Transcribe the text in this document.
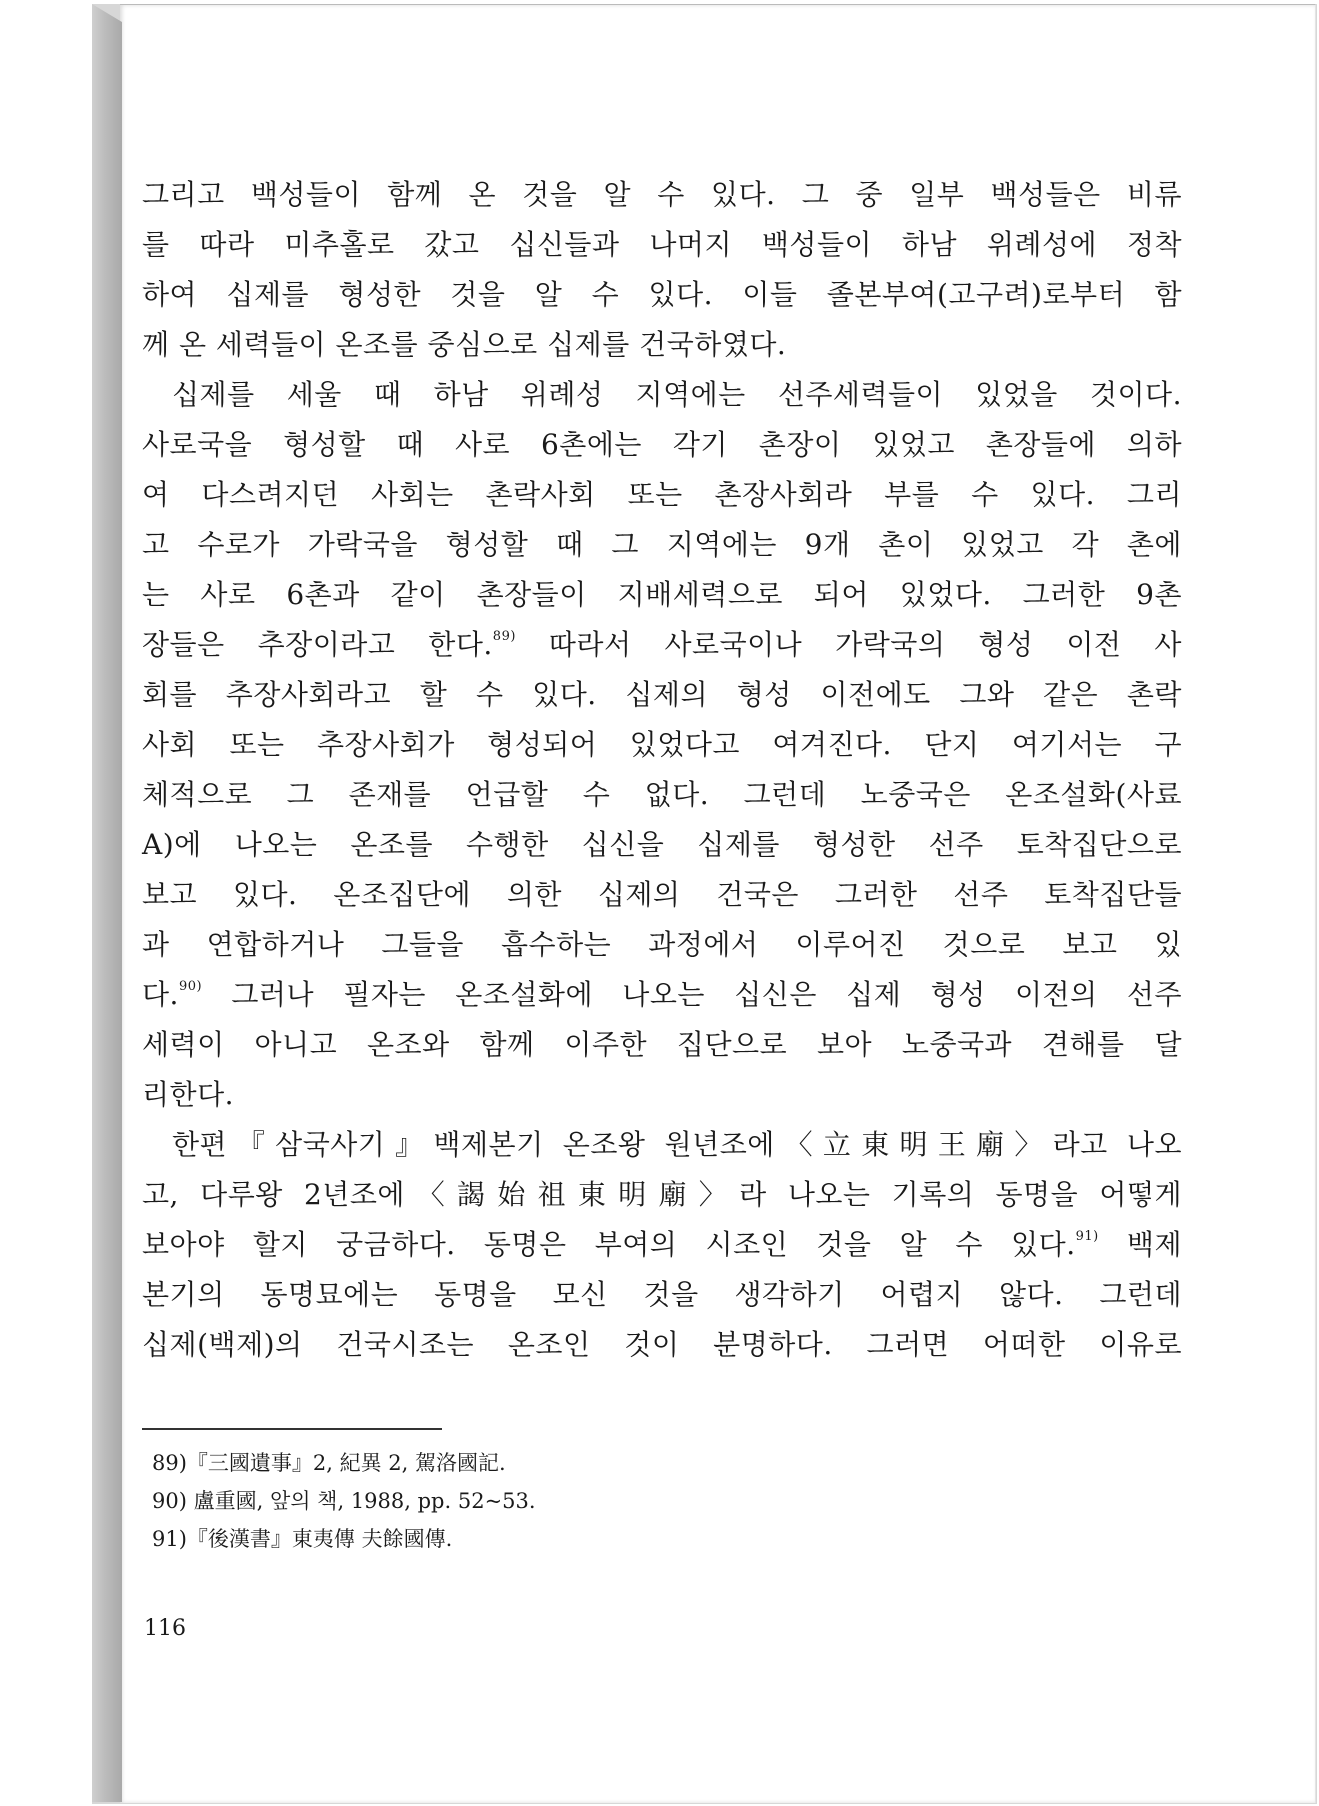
그리고 백성들이 함께 온 것을 알 수 있다. 그 중 일부 백성들은 비류
를 따라 미추홀로 갔고 십신들과 나머지 백성들이 하남 위례성에 정착
하여 십제를 형성한 것을 알 수 있다. 이들 졸본부여(고구려)로부터 함
께 온 세력들이 온조를 중심으로 십제를 건국하였다.

십제를 세울 때 하남 위례성 지역에는 선주세력들이 있었을 것이다.
사로국을 형성할 때 사로 6촌에는 각기 촌장이 있었고 촌장들에 의하
여 다스려지던 사회는 촌락사회 또는 촌장사회라 부를 수 있다. 그리
고 수로가 가락국을 형성할 때 그 지역에는 9개 촌이 있었고 각 촌에
는 사로 6촌과 같이 촌장들이 지배세력으로 되어 있었다. 그러한 9촌
장들은 추장이라고 한다.$^{89)}$ 따라서 사로국이나 가락국의 형성 이전 사
회를 추장사회라고 할 수 있다. 십제의 형성 이전에도 그와 같은 촌락
사회 또는 추장사회가 형성되어 있었다고 여겨진다. 단지 여기서는 구
체적으로 그 존재를 언급할 수 없다. 그런데 노중국은 온조설화(사료
A)에 나오는 온조를 수행한 십신을 십제를 형성한 선주 토착집단으로
보고 있다. 온조집단에 의한 십제의 건국은 그러한 선주 토착집단들
과 연합하거나 그들을 흡수하는 과정에서 이루어진 것으로 보고 있
다.$^{90)}$ 그러나 필자는 온조설화에 나오는 십신은 십제 형성 이전의 선주
세력이 아니고 온조와 함께 이주한 집단으로 보아 노중국과 견해를 달
리한다.

한편『삼국사기』백제본기 온조왕 원년조에〈立東明王廟〉라고 나오
고, 다루왕 2년조에〈謁始祖東明廟〉라 나오는 기록의 동명을 어떻게
보아야 할지 궁금하다. 동명은 부여의 시조인 것을 알 수 있다.$^{91)}$ 백제
본기의 동명묘에는 동명을 모신 것을 생각하기 어렵지 않다. 그런데
십제(백제)의 건국시조는 온조인 것이 분명하다. 그러면 어떠한 이유로

89)『三國遺事』2, 紀異 2, 駕洛國記.
90) 盧重國, 앞의 책, 1988, pp. 52~53.
91)『後漢書』東夷傳 夫餘國傳.
116
